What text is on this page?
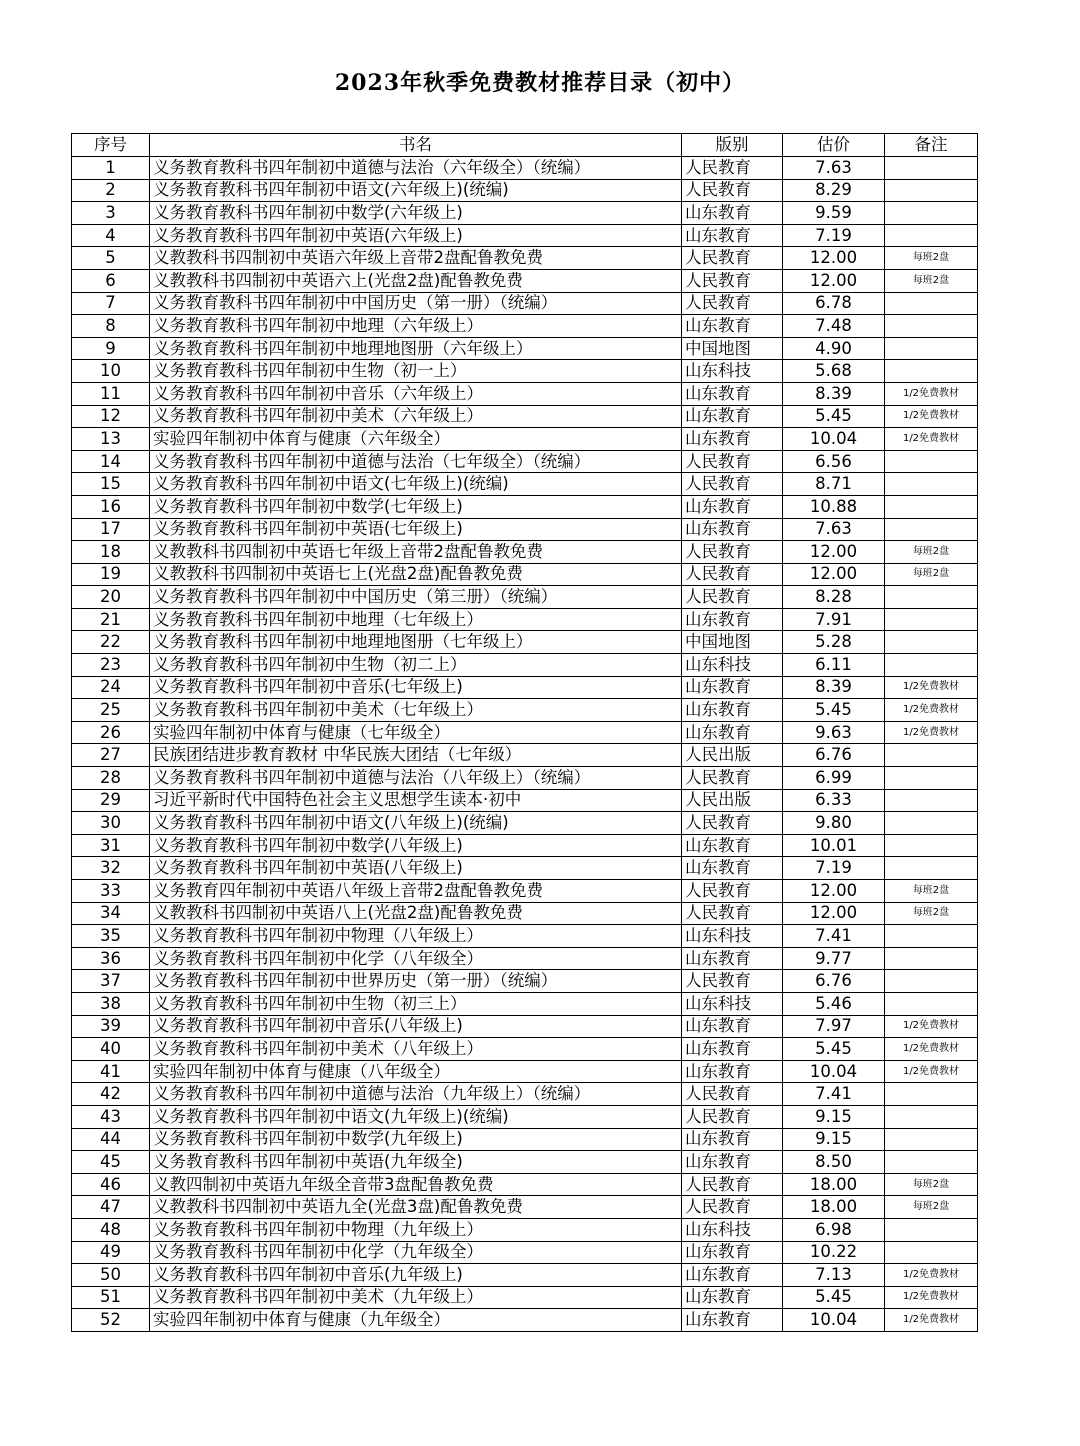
2023年秋季免费教材推荐目录（初中）
序号	书名	版别	估价	备注
1	义务教育教科书四年制初中道德与法治（六年级全）（统编）	人民教育	7.63	
2	义务教育教科书四年制初中语文(六年级上)(统编)	人民教育	8.29	
3	义务教育教科书四年制初中数学(六年级上)	山东教育	9.59	
4	义务教育教科书四年制初中英语(六年级上)	山东教育	7.19	
5	义教教科书四制初中英语六年级上音带2盘配鲁教免费	人民教育	12.00	每班2盘
6	义教教科书四制初中英语六上(光盘2盘)配鲁教免费	人民教育	12.00	每班2盘
7	义务教育教科书四年制初中中国历史（第一册）（统编）	人民教育	6.78	
8	义务教育教科书四年制初中地理（六年级上）	山东教育	7.48	
9	义务教育教科书四年制初中地理地图册（六年级上）	中国地图	4.90	
10	义务教育教科书四年制初中生物（初一上）	山东科技	5.68	
11	义务教育教科书四年制初中音乐（六年级上）	山东教育	8.39	1/2免费教材
12	义务教育教科书四年制初中美术（六年级上）	山东教育	5.45	1/2免费教材
13	实验四年制初中体育与健康（六年级全）	山东教育	10.04	1/2免费教材
14	义务教育教科书四年制初中道德与法治（七年级全）（统编）	人民教育	6.56	
15	义务教育教科书四年制初中语文(七年级上)(统编)	人民教育	8.71	
16	义务教育教科书四年制初中数学(七年级上)	山东教育	10.88	
17	义务教育教科书四年制初中英语(七年级上)	山东教育	7.63	
18	义教教科书四制初中英语七年级上音带2盘配鲁教免费	人民教育	12.00	每班2盘
19	义教教科书四制初中英语七上(光盘2盘)配鲁教免费	人民教育	12.00	每班2盘
20	义务教育教科书四年制初中中国历史（第三册）（统编）	人民教育	8.28	
21	义务教育教科书四年制初中地理（七年级上）	山东教育	7.91	
22	义务教育教科书四年制初中地理地图册（七年级上）	中国地图	5.28	
23	义务教育教科书四年制初中生物（初二上）	山东科技	6.11	
24	义务教育教科书四年制初中音乐(七年级上)	山东教育	8.39	1/2免费教材
25	义务教育教科书四年制初中美术（七年级上）	山东教育	5.45	1/2免费教材
26	实验四年制初中体育与健康（七年级全）	山东教育	9.63	1/2免费教材
27	民族团结进步教育教材 中华民族大团结（七年级）	人民出版	6.76	
28	义务教育教科书四年制初中道德与法治（八年级上）（统编）	人民教育	6.99	
29	习近平新时代中国特色社会主义思想学生读本·初中	人民出版	6.33	
30	义务教育教科书四年制初中语文(八年级上)(统编)	人民教育	9.80	
31	义务教育教科书四年制初中数学(八年级上)	山东教育	10.01	
32	义务教育教科书四年制初中英语(八年级上)	山东教育	7.19	
33	义务教育四年制初中英语八年级上音带2盘配鲁教免费	人民教育	12.00	每班2盘
34	义教教科书四制初中英语八上(光盘2盘)配鲁教免费	人民教育	12.00	每班2盘
35	义务教育教科书四年制初中物理（八年级上）	山东科技	7.41	
36	义务教育教科书四年制初中化学（八年级全）	山东教育	9.77	
37	义务教育教科书四年制初中世界历史（第一册）（统编）	人民教育	6.76	
38	义务教育教科书四年制初中生物（初三上）	山东科技	5.46	
39	义务教育教科书四年制初中音乐(八年级上)	山东教育	7.97	1/2免费教材
40	义务教育教科书四年制初中美术（八年级上）	山东教育	5.45	1/2免费教材
41	实验四年制初中体育与健康（八年级全）	山东教育	10.04	1/2免费教材
42	义务教育教科书四年制初中道德与法治（九年级上）（统编）	人民教育	7.41	
43	义务教育教科书四年制初中语文(九年级上)(统编)	人民教育	9.15	
44	义务教育教科书四年制初中数学(九年级上)	山东教育	9.15	
45	义务教育教科书四年制初中英语(九年级全)	山东教育	8.50	
46	义教四制初中英语九年级全音带3盘配鲁教免费	人民教育	18.00	每班2盘
47	义教教科书四制初中英语九全(光盘3盘)配鲁教免费	人民教育	18.00	每班2盘
48	义务教育教科书四年制初中物理（九年级上）	山东科技	6.98	
49	义务教育教科书四年制初中化学（九年级全）	山东教育	10.22	
50	义务教育教科书四年制初中音乐(九年级上)	山东教育	7.13	1/2免费教材
51	义务教育教科书四年制初中美术（九年级上）	山东教育	5.45	1/2免费教材
52	实验四年制初中体育与健康（九年级全）	山东教育	10.04	1/2免费教材
